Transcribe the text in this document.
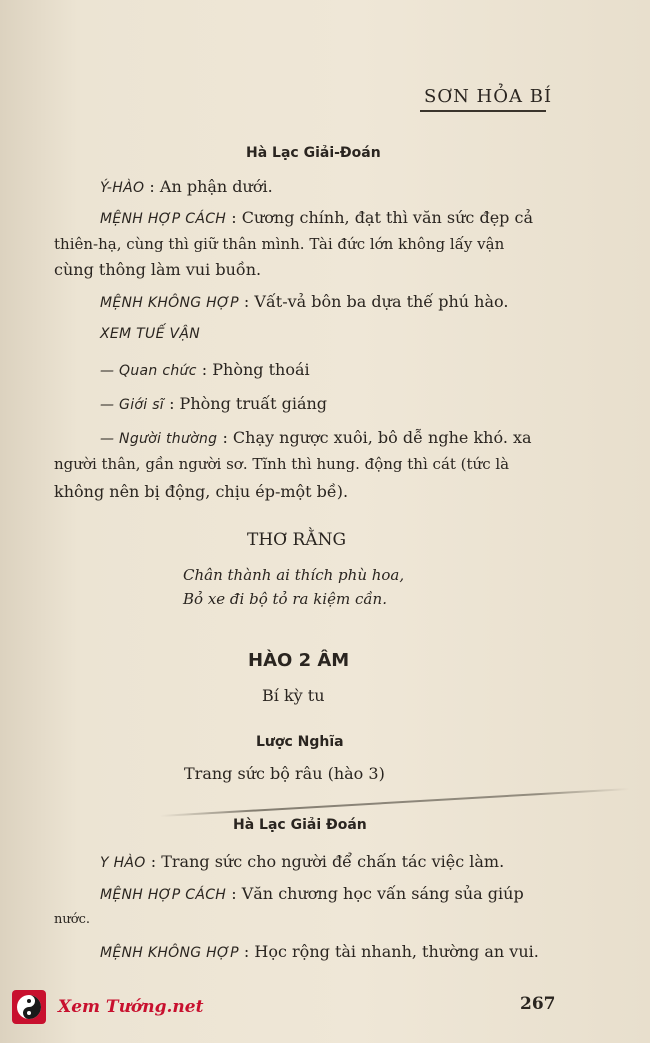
SƠN HỎA BÍ
Hà Lạc Giải-Đoán
Ý-HÀO : An phận dưới.
MỆNH HỢP CÁCH : Cương chính, đạt thì văn sức đẹp cả
thiên-hạ, cùng thì giữ thân mình. Tài đức lớn không lấy vận
cùng thông làm vui buồn.
MỆNH KHÔNG HỢP : Vất-vả bôn ba dựa thế phú hào.
XEM TUẾ VẬN
— Quan chức : Phòng thoái
— Giới sĩ : Phòng truất giáng
— Người thường : Chạy ngược xuôi, bô dễ nghe khó. xa
người thân, gần người sơ. Tĩnh thì hung. động thì cát (tức là
không nên bị động, chịu ép-một bề).
THƠ RẰNG
Chân thành ai thích phù hoa,
Bỏ xe đi bộ tỏ ra kiệm cần.
HÀO 2 ÂM
Bí kỳ tu
Lược Nghĩa
Trang sức bộ râu (hào 3)
Hà Lạc Giải Đoán
Y HÀO : Trang sức cho người để chấn tác việc làm.
MỆNH HỢP CÁCH : Văn chương học vấn sáng sủa giúp
nước.
MỆNH KHÔNG HỢP : Học rộng tài nhanh, thường an vui.
267
Xem Tướng.net
